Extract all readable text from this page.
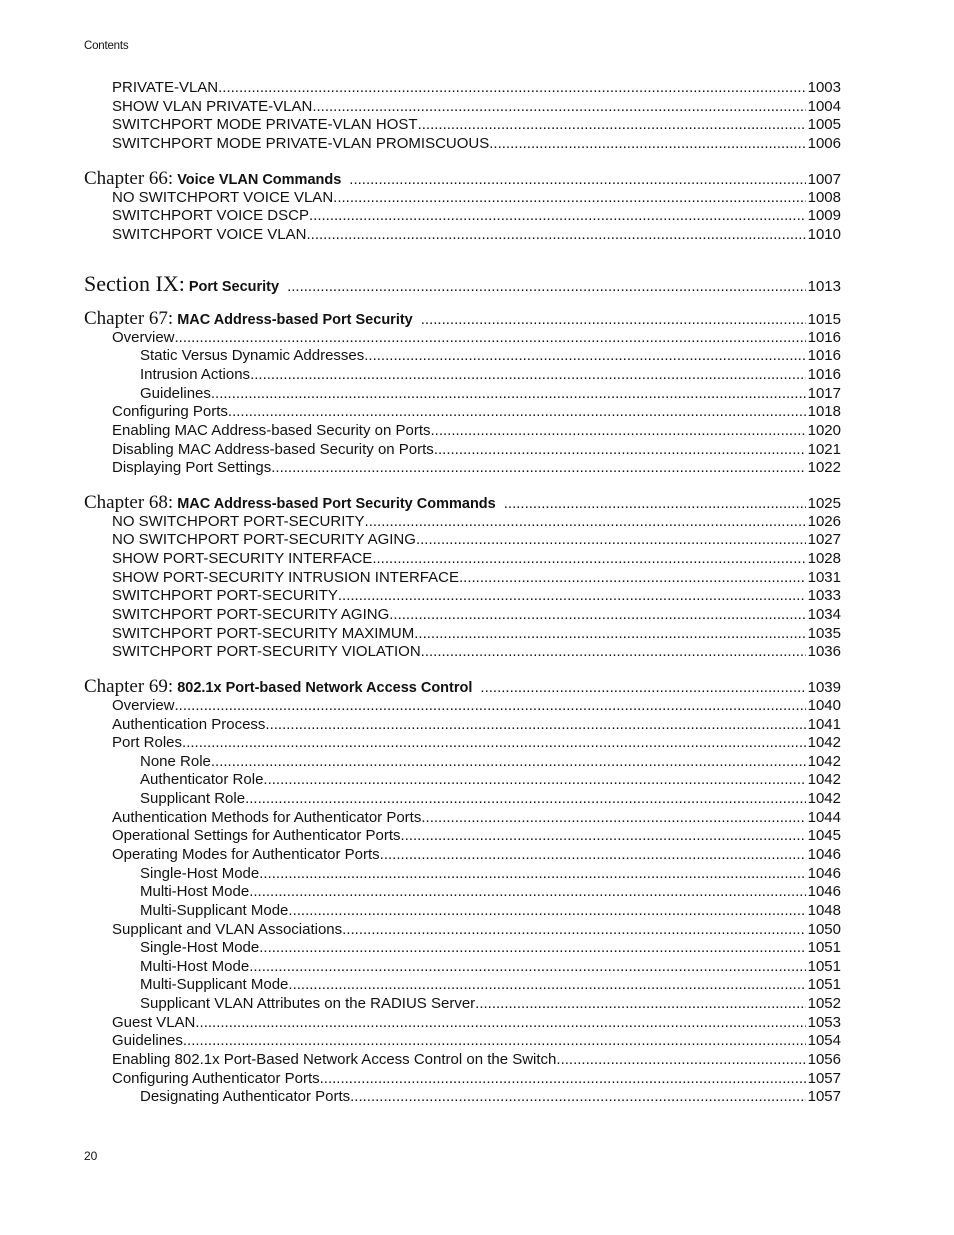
Contents
PRIVATE-VLAN .....	1003
SHOW VLAN PRIVATE-VLAN .....	1004
SWITCHPORT MODE PRIVATE-VLAN HOST .....	1005
SWITCHPORT MODE PRIVATE-VLAN PROMISCUOUS .....	1006
Chapter 66: Voice VLAN Commands .....	1007
NO SWITCHPORT VOICE VLAN .....	1008
SWITCHPORT VOICE DSCP .....	1009
SWITCHPORT VOICE VLAN .....	1010
Section IX: Port Security .....	1013
Chapter 67: MAC Address-based Port Security .....	1015
Overview .....	1016
Static Versus Dynamic Addresses .....	1016
Intrusion Actions .....	1016
Guidelines .....	1017
Configuring Ports .....	1018
Enabling MAC Address-based Security on Ports .....	1020
Disabling MAC Address-based Security on Ports .....	1021
Displaying Port Settings .....	1022
Chapter 68: MAC Address-based Port Security Commands .....	1025
NO SWITCHPORT PORT-SECURITY .....	1026
NO SWITCHPORT PORT-SECURITY AGING .....	1027
SHOW PORT-SECURITY INTERFACE .....	1028
SHOW PORT-SECURITY INTRUSION INTERFACE .....	1031
SWITCHPORT PORT-SECURITY .....	1033
SWITCHPORT PORT-SECURITY AGING .....	1034
SWITCHPORT PORT-SECURITY MAXIMUM .....	1035
SWITCHPORT PORT-SECURITY VIOLATION .....	1036
Chapter 69: 802.1x Port-based Network Access Control .....	1039
Overview .....	1040
Authentication Process .....	1041
Port Roles .....	1042
None Role .....	1042
Authenticator Role .....	1042
Supplicant Role .....	1042
Authentication Methods for Authenticator Ports .....	1044
Operational Settings for Authenticator Ports .....	1045
Operating Modes for Authenticator Ports .....	1046
Single-Host Mode .....	1046
Multi-Host Mode .....	1046
Multi-Supplicant Mode .....	1048
Supplicant and VLAN Associations .....	1050
Single-Host Mode .....	1051
Multi-Host Mode .....	1051
Multi-Supplicant Mode .....	1051
Supplicant VLAN Attributes on the RADIUS Server .....	1052
Guest VLAN .....	1053
Guidelines .....	1054
Enabling 802.1x Port-Based Network Access Control on the Switch .....	1056
Configuring Authenticator Ports .....	1057
Designating Authenticator Ports .....	1057
20
